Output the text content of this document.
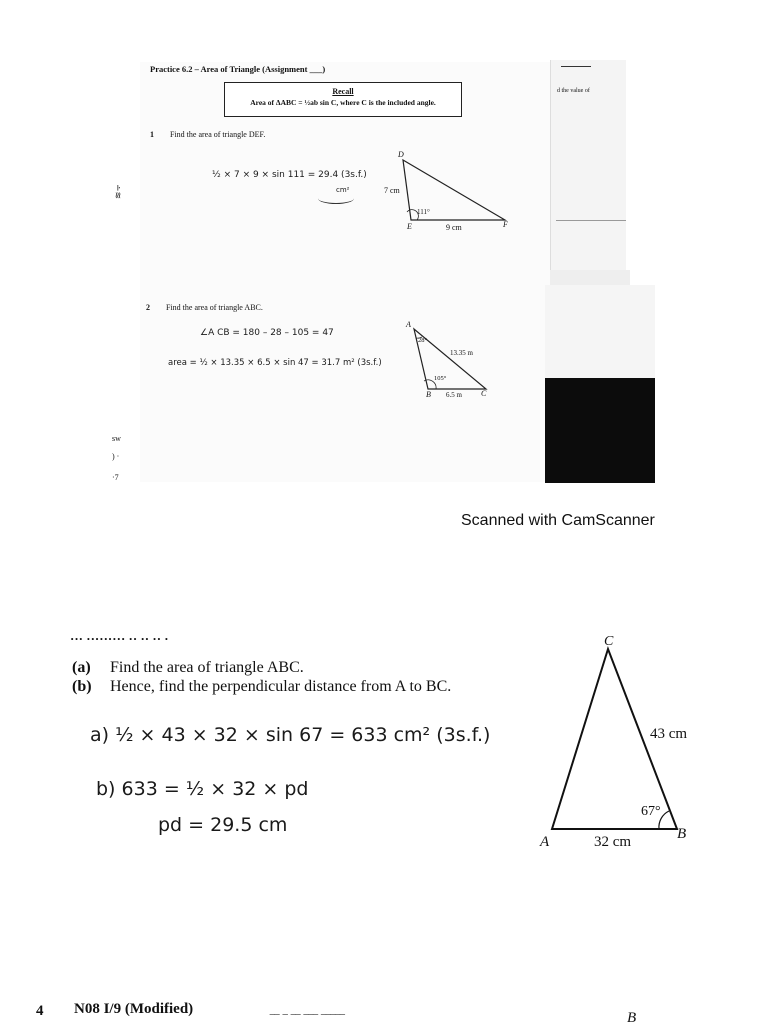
d the value of
Practice 6.2 – Area of Triangle (Assignment ___)
Recall
Area of ΔABC = ½ab sin C, where C is the included angle.
1 Find the area of triangle DEF.
½ × 7 × 9 × sin 111 = 29.4 (3s.f.)
cm²
∸≋
D
E	F
7 cm
9 cm
111°
2 Find the area of triangle ABC.
∠A CB = 180 – 28 – 105 = 47
area = ½ × 13.35 × 6.5 × sin 47 = 31.7 m² (3s.f.)
A
B	C
13.35 m
6.5 m
28°
105°
sw
) ·
·7
Scanned with CamScanner
··· ········· ·· ·· ·· ·
(a) Find the area of triangle ABC.
(b) Hence, find the perpendicular distance from A to BC.
a) ½ × 43 × 32 × sin 67 = 633 cm² (3s.f.)
b) 633 = ½ × 32 × pd
pd = 29.5 cm
C
A	B
43 cm
32 cm
67°
4 N08 I/9 (Modified)
‾‾ ‾ ‾‾ ‾‾‾ ‾‾‾‾‾	B
